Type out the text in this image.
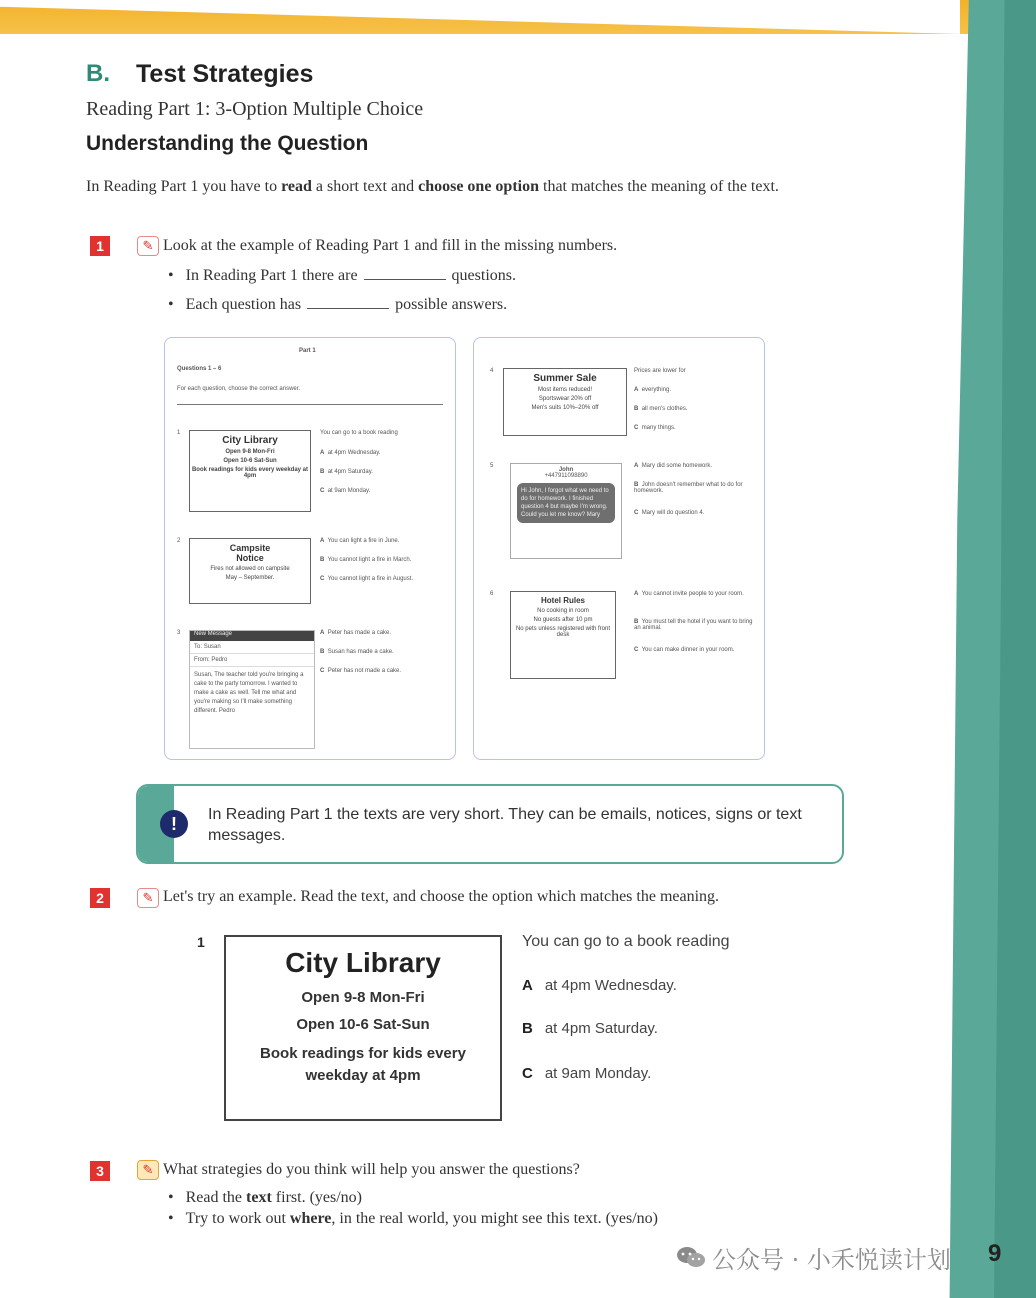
B. Test Strategies
Reading Part 1: 3-Option Multiple Choice
Understanding the Question
In Reading Part 1 you have to read a short text and choose one option that matches the meaning of the text.
1	✎ Look at the example of Reading Part 1 and fill in the missing numbers.
•   In Reading Part 1 there are	questions.
•   Each question has	possible answers.
Part 1
Questions 1 – 6
For each question, choose the correct answer.
1
City Library
Open 9-8 Mon-Fri
Open 10-6 Sat-Sun
Book readings for kids every weekday at 4pm
You can go to a book reading
A at 4pm Wednesday.
B at 4pm Saturday.
C at 9am Monday.
2
Campsite Notice
Fires not allowed on campsite
May – September.
A You can light a fire in June.
B You cannot light a fire in March.
C You cannot light a fire in August.
3	New Message
To: Susan
From: Pedro
Susan, The teacher told you're bringing a cake to the party tomorrow. I wanted to make a cake as well. Tell me what and you're making so I'll make something different. Pedro
A Peter has made a cake.
B Susan has made a cake.
C Peter has not made a cake.
4
Summer Sale
Most items reduced!
Sportswear 20% off
Men's suits 10%–20% off
Prices are lower for
A everything.
B all men's clothes.
C many things.
5
John
+447911098890
Hi John, I forgot what we need to do for homework. I finished question 4 but maybe I'm wrong. Could you let me know? Mary
A Mary did some homework.
B John doesn't remember what to do for homework.
C Mary will do question 4.
6
Hotel Rules
No cooking in room
No guests after 10 pm
No pets unless registered with front desk
A You cannot invite people to your room.
B You must tell the hotel if you want to bring an animal.
C You can make dinner in your room.
!	In Reading Part 1 the texts are very short. They can be emails, notices, signs or text messages.
2	✎ Let's try an example. Read the text, and choose the option which matches the meaning.
1
City Library
Open 9-8 Mon-Fri
Open 10-6 Sat-Sun
Book readings for kids every weekday at 4pm
You can go to a book reading
A at 4pm Wednesday.
B at 4pm Saturday.
C at 9am Monday.
3	✎ What strategies do you think will help you answer the questions?
•   Read the text first. (yes/no)
•   Try to work out where, in the real world, you might see this text. (yes/no)
公众号 · 小禾悦读计划 9
